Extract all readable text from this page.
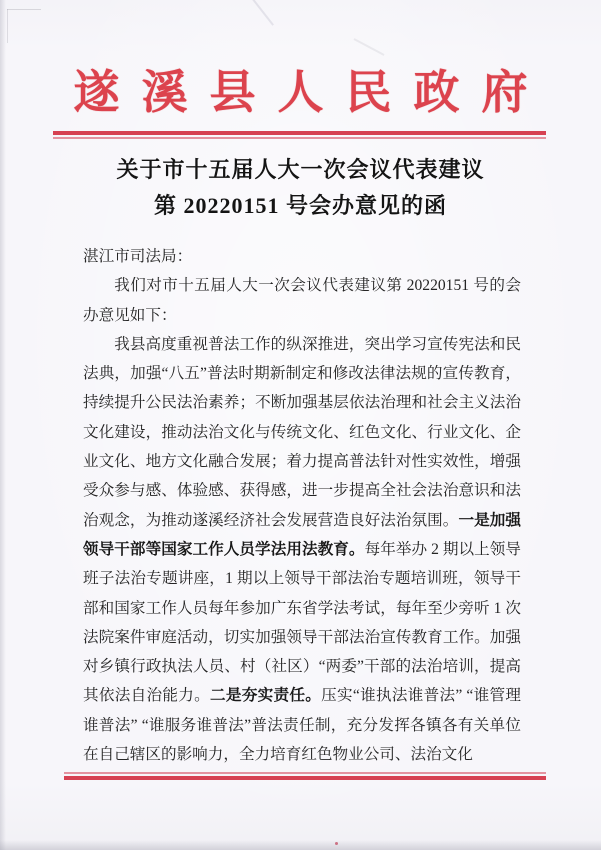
遂溪县人民政府
关于市十五届人大一次会议代表建议
第 20220151 号会办意见的函

湛江市司法局：

我们对市十五届人大一次会议代表建议第 20220151 号的会办意见如下：

我县高度重视普法工作的纵深推进，突出学习宣传宪法和民法典，加强“八五”普法时期新制定和修改法律法规的宣传教育，持续提升公民法治素养；不断加强基层依法治理和社会主义法治文化建设，推动法治文化与传统文化、红色文化、行业文化、企业文化、地方文化融合发展；着力提高普法针对性实效性，增强受众参与感、体验感、获得感，进一步提高全社会法治意识和法治观念，为推动遂溪经济社会发展营造良好法治氛围。一是加强领导干部等国家工作人员学法用法教育。每年举办 2 期以上领导班子法治专题讲座，1 期以上领导干部法治专题培训班，领导干部和国家工作人员每年参加广东省学法考试，每年至少旁听 1 次法院案件审庭活动，切实加强领导干部法治宣传教育工作。加强对乡镇行政执法人员、村（社区）“两委”干部的法治培训，提高其依法自治能力。二是夯实责任。压实“谁执法谁普法” “谁管理谁普法” “谁服务谁普法”普法责任制，充分发挥各镇各有关单位在自己辖区的影响力，全力培育红色物业公司、法治文化
